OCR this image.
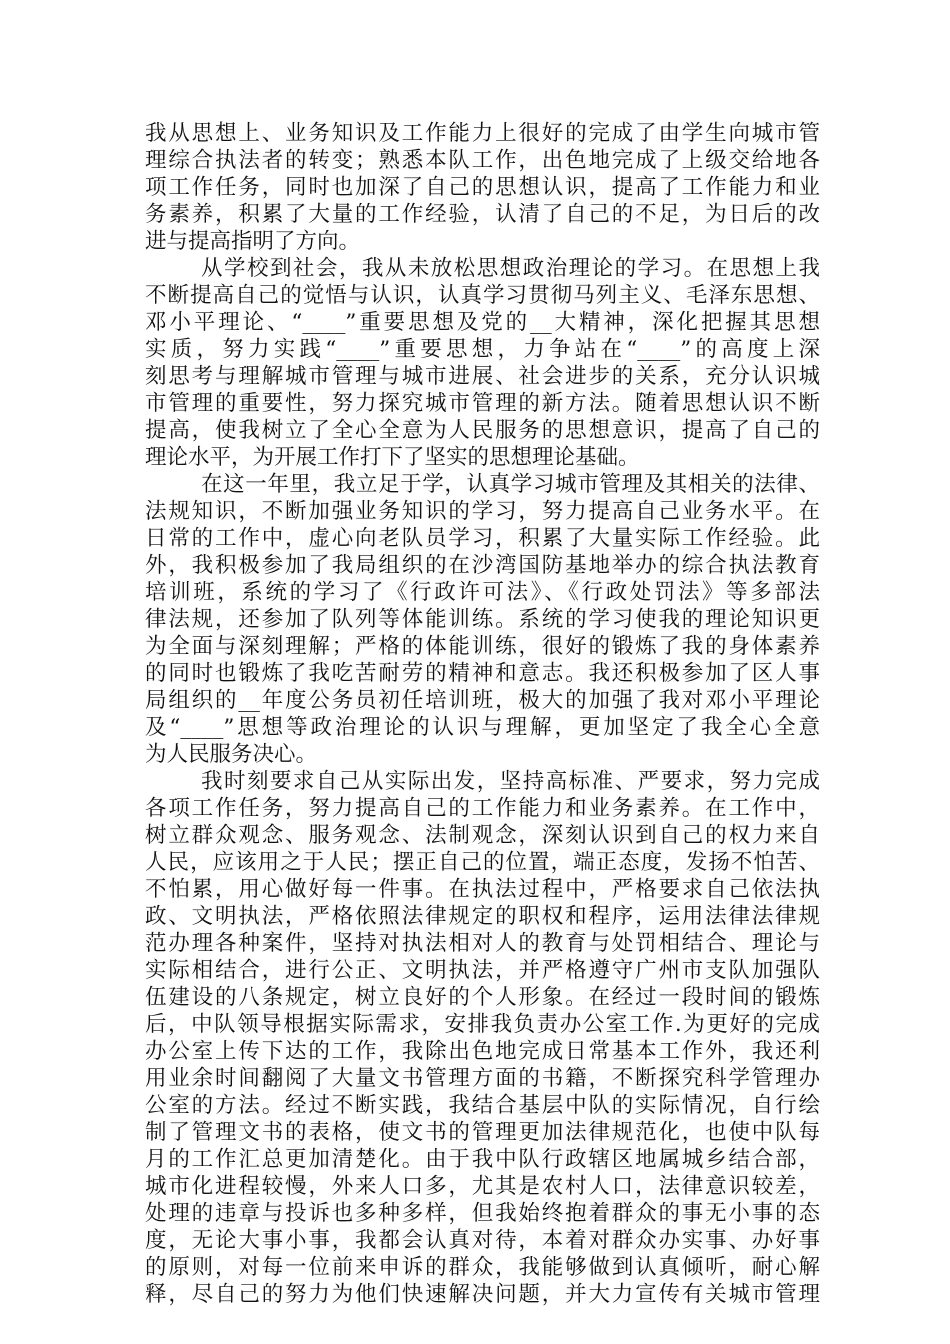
我从思想上、业务知识及工作能力上很好的完成了由学生向城市管
理综合执法者的转变；熟悉本队工作，出色地完成了上级交给地各
项工作任务，同时也加深了自己的思想认识，提高了工作能力和业
务素养，积累了大量的工作经验，认清了自己的不足，为日后的改
进与提高指明了方向。
从学校到社会，我从未放松思想政治理论的学习。在思想上我
不断提高自己的觉悟与认识，认真学习贯彻马列主义、毛泽东思想、
邓小平理论、“____”重要思想及党的__大精神，深化把握其思想
实质，努力实践“____”重要思想，力争站在“____”的高度上深
刻思考与理解城市管理与城市进展、社会进步的关系，充分认识城
市管理的重要性，努力探究城市管理的新方法。随着思想认识不断
提高，使我树立了全心全意为人民服务的思想意识，提高了自己的
理论水平，为开展工作打下了坚实的思想理论基础。
在这一年里，我立足于学，认真学习城市管理及其相关的法律、
法规知识，不断加强业务知识的学习，努力提高自己业务水平。在
日常的工作中，虚心向老队员学习，积累了大量实际工作经验。此
外，我积极参加了我局组织的在沙湾国防基地举办的综合执法教育
培训班，系统的学习了《行政许可法》、《行政处罚法》等多部法
律法规，还参加了队列等体能训练。系统的学习使我的理论知识更
为全面与深刻理解；严格的体能训练，很好的锻炼了我的身体素养
的同时也锻炼了我吃苦耐劳的精神和意志。我还积极参加了区人事
局组织的__年度公务员初任培训班，极大的加强了我对邓小平理论
及“____”思想等政治理论的认识与理解，更加坚定了我全心全意
为人民服务决心。
我时刻要求自己从实际出发，坚持高标准、严要求，努力完成
各项工作任务，努力提高自己的工作能力和业务素养。在工作中，
树立群众观念、服务观念、法制观念，深刻认识到自己的权力来自
人民，应该用之于人民；摆正自己的位置，端正态度，发扬不怕苦、
不怕累，用心做好每一件事。在执法过程中，严格要求自己依法执
政、文明执法，严格依照法律规定的职权和程序，运用法律法律规
范办理各种案件，坚持对执法相对人的教育与处罚相结合、理论与
实际相结合，进行公正、文明执法，并严格遵守广州市支队加强队
伍建设的八条规定，树立良好的个人形象。在经过一段时间的锻炼
后，中队领导根据实际需求，安排我负责办公室工作.为更好的完成
办公室上传下达的工作，我除出色地完成日常基本工作外，我还利
用业余时间翻阅了大量文书管理方面的书籍，不断探究科学管理办
公室的方法。经过不断实践，我结合基层中队的实际情况，自行绘
制了管理文书的表格，使文书的管理更加法律规范化，也使中队每
月的工作汇总更加清楚化。由于我中队行政辖区地属城乡结合部，
城市化进程较慢，外来人口多，尤其是农村人口，法律意识较差，
处理的违章与投诉也多种多样，但我始终抱着群众的事无小事的态
度，无论大事小事，我都会认真对待，本着对群众办实事、办好事
的原则，对每一位前来申诉的群众，我能够做到认真倾听，耐心解
释，尽自己的努力为他们快速解决问题，并大力宣传有关城市管理
